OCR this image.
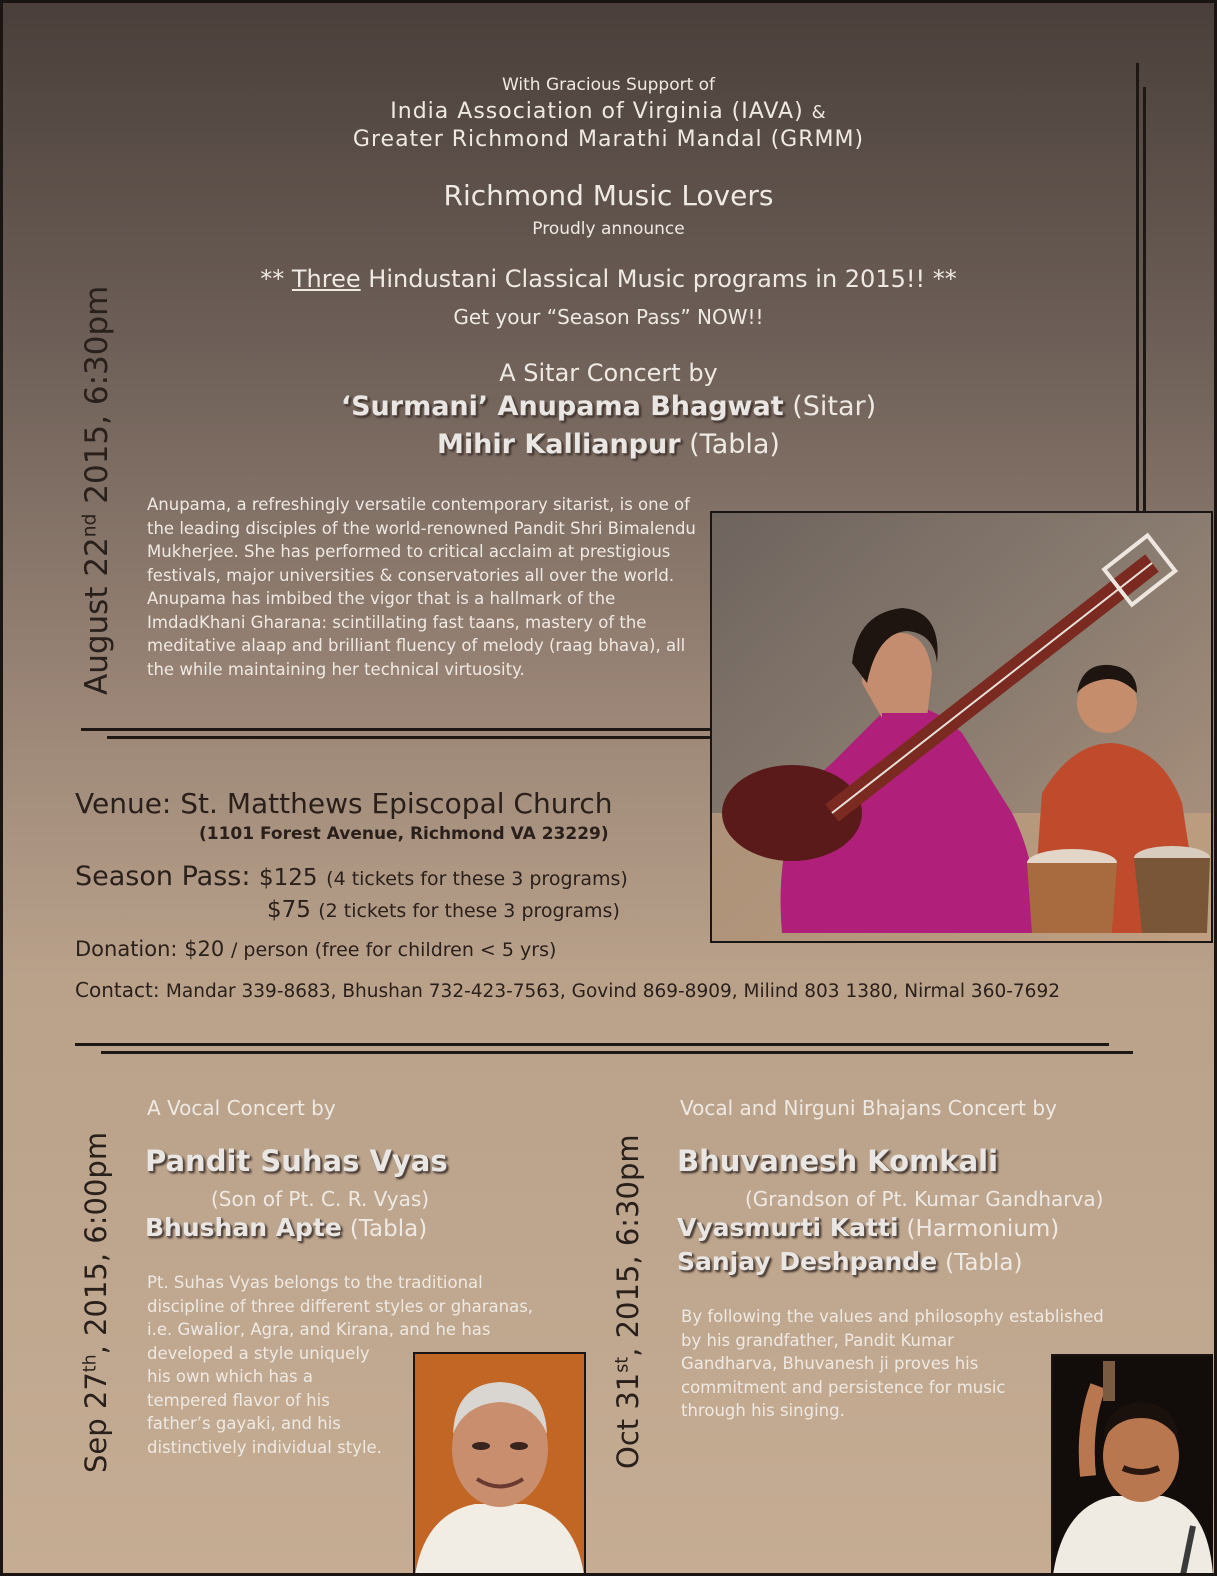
With Gracious Support of
India Association of Virginia (IAVA) &
Greater Richmond Marathi Mandal (GRMM)
Richmond Music Lovers
Proudly announce
** Three Hindustani Classical Music programs in 2015!! **
Get your “Season Pass” NOW!!
A Sitar Concert by
‘Surmani’ Anupama Bhagwat (Sitar)
Mihir Kallianpur (Tabla)
August 22nd 2015, 6:30pm Anupama, a refreshingly versatile contemporary sitarist, is one of the leading disciples of the world-renowned Pandit Shri Bimalendu Mukherjee. She has performed to critical acclaim at prestigious festivals, major universities & conservatories all over the world. Anupama has imbibed the vigor that is a hallmark of the ImdadKhani Gharana: scintillating fast taans, mastery of the meditative alaap and brilliant fluency of melody (raag bhava), all the while maintaining her technical virtuosity.
Venue: St. Matthews Episcopal Church
(1101 Forest Avenue, Richmond VA 23229)
Season Pass: $125 (4 tickets for these 3 programs)
$75 (2 tickets for these 3 programs)
Donation: $20 / person (free for children < 5 yrs)
Contact: Mandar 339-8683, Bhushan 732-423-7563, Govind 869-8909, Milind 803 1380, Nirmal 360-7692
Sep 27th, 2015, 6:00pm
A Vocal Concert by
Pandit Suhas Vyas
(Son of Pt. C. R. Vyas)
Bhushan Apte (Tabla)
Pt. Suhas Vyas belongs to the traditional
discipline of three different styles or gharanas,
i.e. Gwalior, Agra, and Kirana, and he has
developed a style uniquely
his own which has a
tempered flavor of his
father’s gayaki, and his
distinctively individual style.	Oct 31st, 2015, 6:30pm
Vocal and Nirguni Bhajans Concert by
Bhuvanesh Komkali
(Grandson of Pt. Kumar Gandharva)
Vyasmurti Katti (Harmonium)
Sanjay Deshpande (Tabla)
By following the values and philosophy established
by his grandfather, Pandit Kumar
Gandharva, Bhuvanesh ji proves his
commitment and persistence for music
through his singing.
